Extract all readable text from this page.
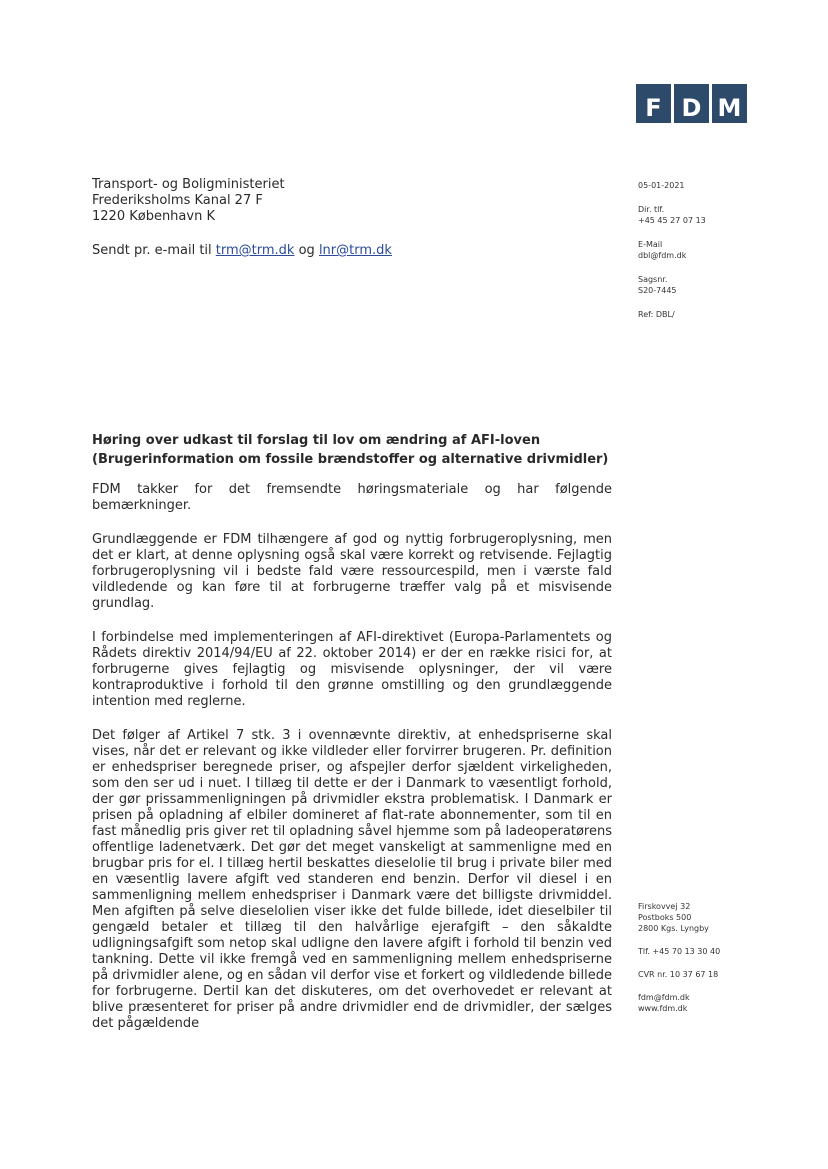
F D M
Transport- og Boligministeriet
Frederiksholms Kanal 27 F
1220 København K
Sendt pr. e-mail til trm@trm.dk og lnr@trm.dk
05-01-2021
Dir. tlf.
+45 45 27 07 13
E-Mail
dbl@fdm.dk
Sagsnr.
S20-7445
Ref: DBL/
Høring over udkast til forslag til lov om ændring af AFI-loven (Brugerinformation om fossile brændstoffer og alternative drivmidler)

FDM takker for det fremsendte høringsmateriale og har følgende bemærkninger.

Grundlæggende er FDM tilhængere af god og nyttig forbrugeroplysning, men det er klart, at denne oplysning også skal være korrekt og retvisende. Fejlagtig forbrugeroplysning vil i bedste fald være ressourcespild, men i værste fald vildledende og kan føre til at forbrugerne træffer valg på et misvisende grundlag.

I forbindelse med implementeringen af AFI-direktivet (Europa-Parlamentets og Rådets direktiv 2014/94/EU af 22. oktober 2014) er der en række risici for, at forbrugerne gives fejlagtig og misvisende oplysninger, der vil være kontraproduktive i forhold til den grønne omstilling og den grundlæggende intention med reglerne.

Det følger af Artikel 7 stk. 3 i ovennævnte direktiv, at enhedspriserne skal vises, når det er relevant og ikke vildleder eller forvirrer brugeren. Pr. definition er enhedspriser beregnede priser, og afspejler derfor sjældent virkeligheden, som den ser ud i nuet. I tillæg til dette er der i Danmark to væsentligt forhold, der gør prissammenligningen på drivmidler ekstra problematisk. I Danmark er prisen på opladning af elbiler domineret af flat-rate abonnementer, som til en fast månedlig pris giver ret til opladning såvel hjemme som på ladeoperatørens offentlige ladenetværk. Det gør det meget vanskeligt at sammenligne med en brugbar pris for el. I tillæg hertil beskattes dieselolie til brug i private biler med en væsentlig lavere afgift ved standeren end benzin. Derfor vil diesel i en sammenligning mellem enhedspriser i Danmark være det billigste drivmiddel. Men afgiften på selve dieselolien viser ikke det fulde billede, idet dieselbiler til gengæld betaler et tillæg til den halvårlige ejerafgift – den såkaldte udligningsafgift som netop skal udligne den lavere afgift i forhold til benzin ved tankning. Dette vil ikke fremgå ved en sammenligning mellem enhedspriserne på drivmidler alene, og en sådan vil derfor vise et forkert og vildledende billede for forbrugerne. Dertil kan det diskuteres, om det overhovedet er relevant at blive præsenteret for priser på andre drivmidler end de drivmidler, der sælges det pågældende

Firskovvej 32
Postboks 500
2800 Kgs. Lyngby
Tlf. +45 70 13 30 40
CVR nr. 10 37 67 18
fdm@fdm.dk
www.fdm.dk
